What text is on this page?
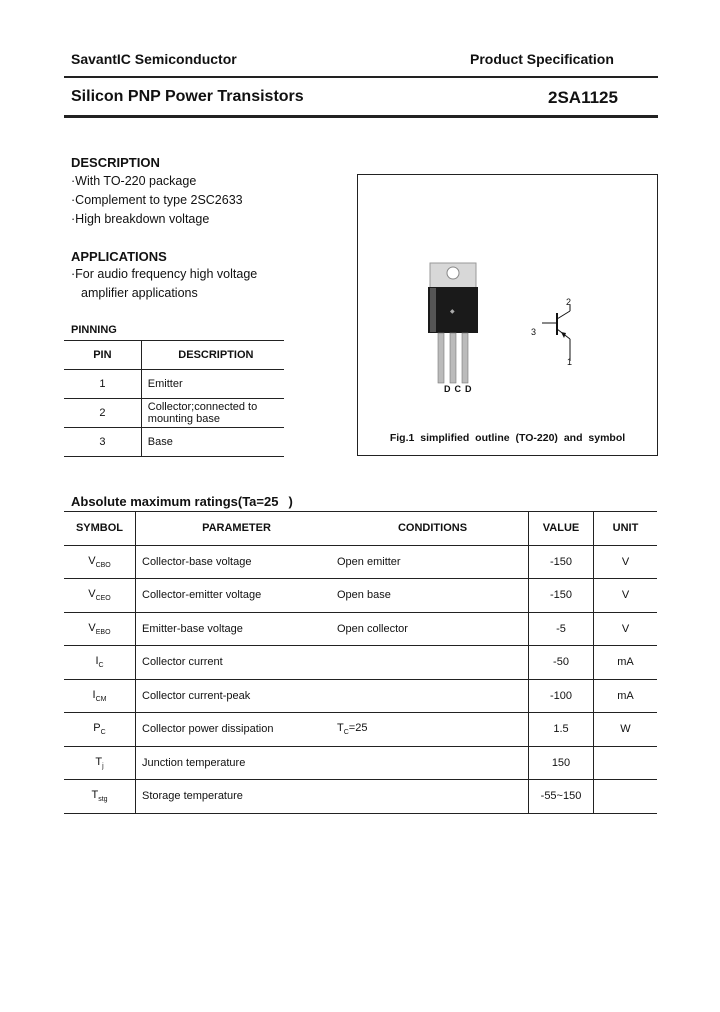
SavantIC Semiconductor	Product Specification
Silicon PNP Power Transistors	2SA1125
DESCRIPTION
·With TO-220 package
·Complement to type 2SC2633
·High breakdown voltage
APPLICATIONS
·For audio frequency high voltage
amplifier applications
PINNING
PIN	DESCRIPTION
1	Emitter
2	Collector;connected to mounting base

3	Base
◆
DCD
2
3
1
Fig.1 simplified outline (TO-220) and symbol
Absolute maximum ratings(Ta=25 )
SYMBOL	PARAMETER	CONDITIONS	VALUE	UNIT
$V_{CBO}$	Collector-base voltage	Open emitter	-150	V
$V_{CEO}$	Collector-emitter voltage	Open base	-150	V
$V_{EBO}$	Emitter-base voltage	Open collector	-5	V
$I_C$	Collector current		-50	mA
$I_{CM}$	Collector current-peak		-100	mA
$P_C$	Collector power dissipation	$T_C=25$	1.5	W
$T_j$	Junction temperature		150	
$T_{stg}$	Storage temperature		-55~150	
